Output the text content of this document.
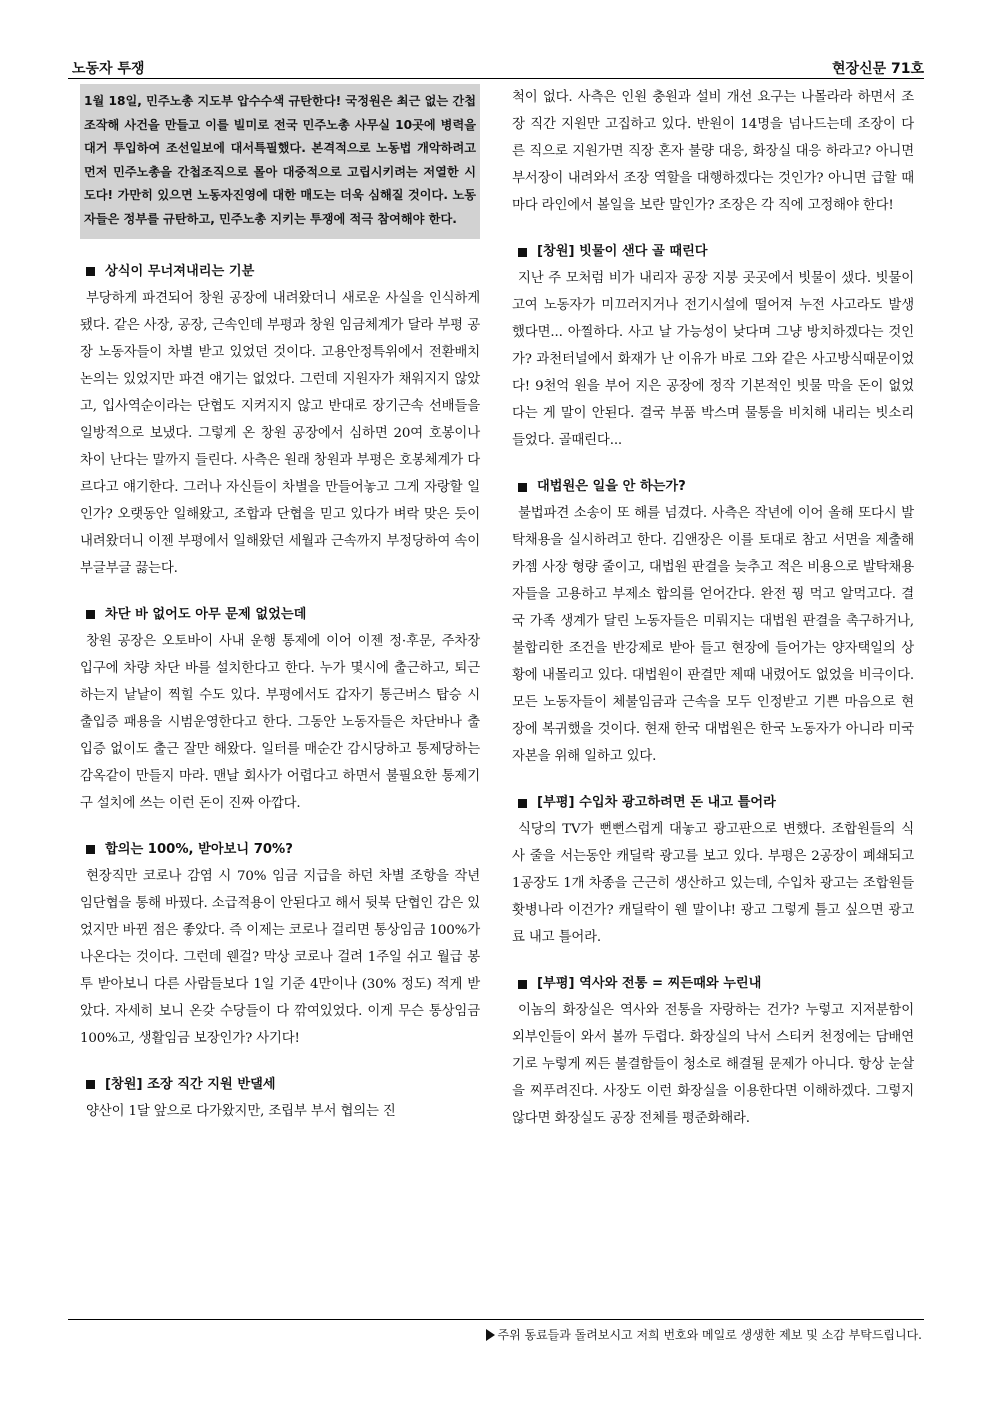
노동자 투쟁	현장신문 71호
1월 18일, 민주노총 지도부 압수수색 규탄한다! 국정원은 최근 없는 간첩 조작해 사건을 만들고 이를 빌미로 전국 민주노총 사무실 10곳에 병력을 대거 투입하여 조선일보에 대서특필했다. 본격적으로 노동법 개악하려고 먼저 민주노총을 간첩조직으로 몰아 대중적으로 고립시키려는 저열한 시도다! 가만히 있으면 노동자진영에 대한 매도는 더욱 심해질 것이다. 노동자들은 정부를 규탄하고, 민주노총 지키는 투쟁에 적극 참여해야 한다.
상식이 무너져내리는 기분
부당하게 파견되어 창원 공장에 내려왔더니 새로운 사실을 인식하게 됐다. 같은 사장, 공장, 근속인데 부평과 창원 임금체계가 달라 부평 공장 노동자들이 차별 받고 있었던 것이다. 고용안정특위에서 전환배치 논의는 있었지만 파견 얘기는 없었다. 그런데 지원자가 채워지지 않았고, 입사역순이라는 단협도 지켜지지 않고 반대로 장기근속 선배들을 일방적으로 보냈다. 그렇게 온 창원 공장에서 심하면 20여 호봉이나 차이 난다는 말까지 들린다. 사측은 원래 창원과 부평은 호봉체계가 다르다고 얘기한다. 그러나 자신들이 차별을 만들어놓고 그게 자랑할 일인가? 오랫동안 일해왔고, 조합과 단협을 믿고 있다가 벼락 맞은 듯이 내려왔더니 이젠 부평에서 일해왔던 세월과 근속까지 부정당하여 속이 부글부글 끓는다.
차단 바 없어도 아무 문제 없었는데
창원 공장은 오토바이 사내 운행 통제에 이어 이젠 정·후문, 주차장 입구에 차량 차단 바를 설치한다고 한다. 누가 몇시에 출근하고, 퇴근하는지 낱낱이 찍힐 수도 있다. 부평에서도 갑자기 통근버스 탑승 시 출입증 패용을 시범운영한다고 한다. 그동안 노동자들은 차단바나 출입증 없이도 출근 잘만 해왔다. 일터를 매순간 감시당하고 통제당하는 감옥같이 만들지 마라. 맨날 회사가 어렵다고 하면서 불필요한 통제기구 설치에 쓰는 이런 돈이 진짜 아깝다.
합의는 100%, 받아보니 70%?
현장직만 코로나 감염 시 70% 임금 지급을 하던 차별 조항을 작년 임단협을 통해 바꿨다. 소급적용이 안된다고 해서 뒷북 단협인 감은 있었지만 바뀐 점은 좋았다. 즉 이제는 코로나 걸리면 통상임금 100%가 나온다는 것이다. 그런데 웬걸? 막상 코로나 걸려 1주일 쉬고 월급 봉투 받아보니 다른 사람들보다 1일 기준 4만이나 (30% 정도) 적게 받았다. 자세히 보니 온갖 수당들이 다 깎여있었다. 이게 무슨 통상임금 100%고, 생활임금 보장인가? 사기다!
[창원] 조장 직간 지원 반댈세
양산이 1달 앞으로 다가왔지만, 조립부 부서 협의는 진
척이 없다. 사측은 인원 충원과 설비 개선 요구는 나몰라라 하면서 조장 직간 지원만 고집하고 있다. 반원이 14명을 넘나드는데 조장이 다른 직으로 지원가면 직장 혼자 불량 대응, 화장실 대응 하라고? 아니면 부서장이 내려와서 조장 역할을 대행하겠다는 것인가? 아니면 급할 때마다 라인에서 볼일을 보란 말인가? 조장은 각 직에 고정해야 한다!
[창원] 빗물이 샌다 골 때린다
지난 주 모처럼 비가 내리자 공장 지붕 곳곳에서 빗물이 샜다. 빗물이 고여 노동자가 미끄러지거나 전기시설에 떨어져 누전 사고라도 발생 했다면... 아찔하다. 사고 날 가능성이 낮다며 그냥 방치하겠다는 것인가? 과천터널에서 화재가 난 이유가 바로 그와 같은 사고방식때문이었다! 9천억 원을 부어 지은 공장에 정작 기본적인 빗물 막을 돈이 없었다는 게 말이 안된다. 결국 부품 박스며 물통을 비치해 내리는 빗소리 들었다. 골때린다...
대법원은 일을 안 하는가?
불법파견 소송이 또 해를 넘겼다. 사측은 작년에 이어 올해 또다시 발탁채용을 실시하려고 한다. 김앤장은 이를 토대로 참고 서면을 제출해 카젬 사장 형량 줄이고, 대법원 판결을 늦추고 적은 비용으로 발탁채용자들을 고용하고 부제소 합의를 얻어간다. 완전 꿩 먹고 알먹고다. 결국 가족 생계가 달린 노동자들은 미뤄지는 대법원 판결을 촉구하거나, 불합리한 조건을 반강제로 받아 들고 현장에 들어가는 양자택일의 상황에 내몰리고 있다. 대법원이 판결만 제때 내렸어도 없었을 비극이다. 모든 노동자들이 체불임금과 근속을 모두 인정받고 기쁜 마음으로 현장에 복귀했을 것이다. 현재 한국 대법원은 한국 노동자가 아니라 미국 자본을 위해 일하고 있다.
[부평] 수입차 광고하려면 돈 내고 틀어라
식당의 TV가 뻔뻔스럽게 대놓고 광고판으로 변했다. 조합원들의 식사 줄을 서는동안 캐딜락 광고를 보고 있다. 부평은 2공장이 폐쇄되고 1공장도 1개 차종을 근근히 생산하고 있는데, 수입차 광고는 조합원들 홧병나라 이건가? 캐딜락이 웬 말이냐! 광고 그렇게 틀고 싶으면 광고료 내고 틀어라.
[부평] 역사와 전통 = 찌든때와 누린내
이놈의 화장실은 역사와 전통을 자랑하는 건가? 누렇고 지저분함이 외부인들이 와서 볼까 두렵다. 화장실의 낙서 스티커 천정에는 담배연기로 누렇게 찌든 불결함들이 청소로 해결될 문제가 아니다. 항상 눈살을 찌푸려진다. 사장도 이런 화장실을 이용한다면 이해하겠다. 그렇지 않다면 화장실도 공장 전체를 평준화해라.
주위 동료들과 돌려보시고 저희 번호와 메일로 생생한 제보 및 소감 부탁드립니다.
